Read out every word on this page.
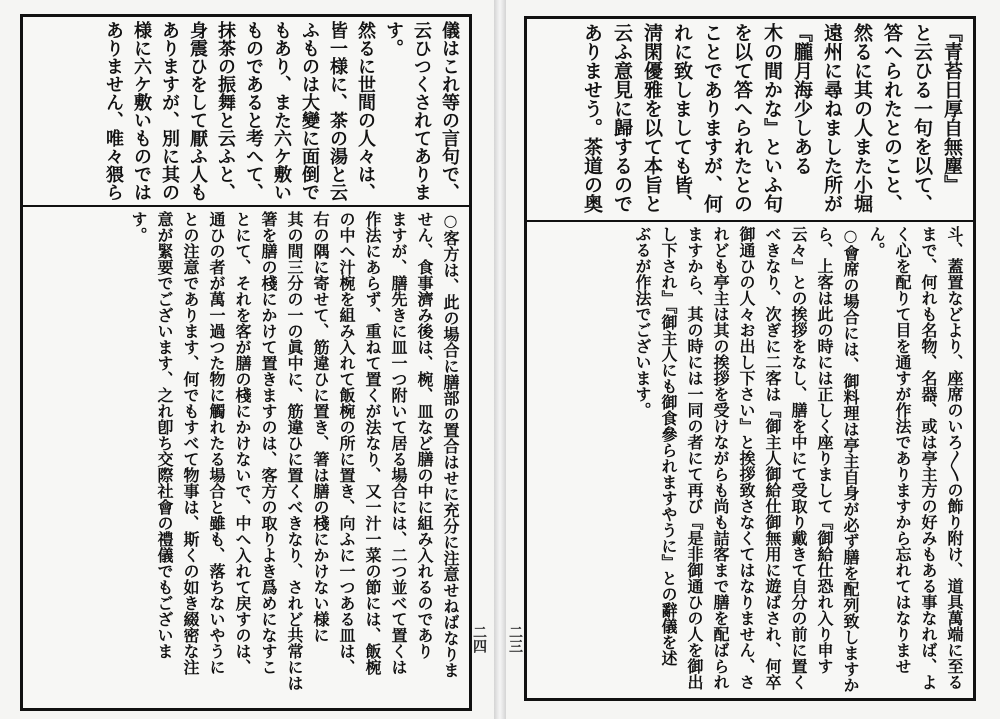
儀はこれ等の言句で、
云ひつくされてありま
す。
然るに世間の人々は、
皆一様に、茶の湯と云
ふものは大變に面倒で
もあり、また六ケ敷い
ものであると考へて、
抹茶の振舞と云ふと、
身震ひをして厭ふ人も
ありますが、別に其の
様に六ケ敷いものでは
ありません、唯々猥ら
○客方は、此の場合に膳部の置合はせに充分に注意せねばなりま
せん、食事濟み後は、椀、皿など膳の中に組み入れるのであり
ますが、膳先きに皿一つ附いて居る場合には、二つ並べて置くは
作法にあらず、重ねて置くが法なり、又一汁一菜の節には、飯椀
の中へ汁椀を組み入れて飯椀の所に置き、向ふに一つある皿は、
右の隅に寄せて、筋違ひに置き、箸は膳の棧にかけない様に
其の間三分の一の眞中に、筋違ひに置くべきなり、されど共常には
箸を膳の棧にかけて置きますのは、客方の取りよき爲めになすこ
とにて、それを客が膳の棧にかけないで、中へ入れて戻すのは、
通ひの者が萬一過つた物に觸れたる場合と雖も、落ちないやうに
との注意であります、何でもすべて物事は、斯くの如き綴密な注
意が緊要でございます、之れ卽ち交際社會の禮儀でもございま
す。
『青苔日厚自無塵』
と云ひる一句を以て、
答へられたとのこと、
然るに其の人また小堀
遠州に尋ねました所が
『朧月海少しある
木の間かな』といふ句
を以て答へられたとの
ことでありますが、何
れに致しましても皆、
淸閑優雅を以て本旨と
云ふ意見に歸するので
ありませう。茶道の奥
斗、蓋置などより、座席のいろ〳〵の飾り附け、道具萬端に至る
まで、何れも名物、名器、或は亭主方の好みもある事なれば、よ
く心を配りて目を通すが作法でありますから忘れてはなりませ
ん。
○會席の場合には、御料理は亭主自身が必ず膳を配列致しますか
ら、上客は此の時には正しく座りまして『御給仕恐れ入り申す
云々』との挨拶をなし、膳を中にて受取り戴きて自分の前に置く
べきなり、次ぎに二客は『御主人御給仕御無用に遊ばされ、何卒
御通ひの人々お出し下さい』と挨拶致さなくてはなりません、さ
れども亭主は其の挨拶を受けながらも尚も詰客まで膳を配ばられ
ますから、其の時には一同の者にて再び『是非御通ひの人を御出
し下され』『御主人にも御食參られますやうに』との辭儀を述
ぶるが作法でございます。
二四 二三
